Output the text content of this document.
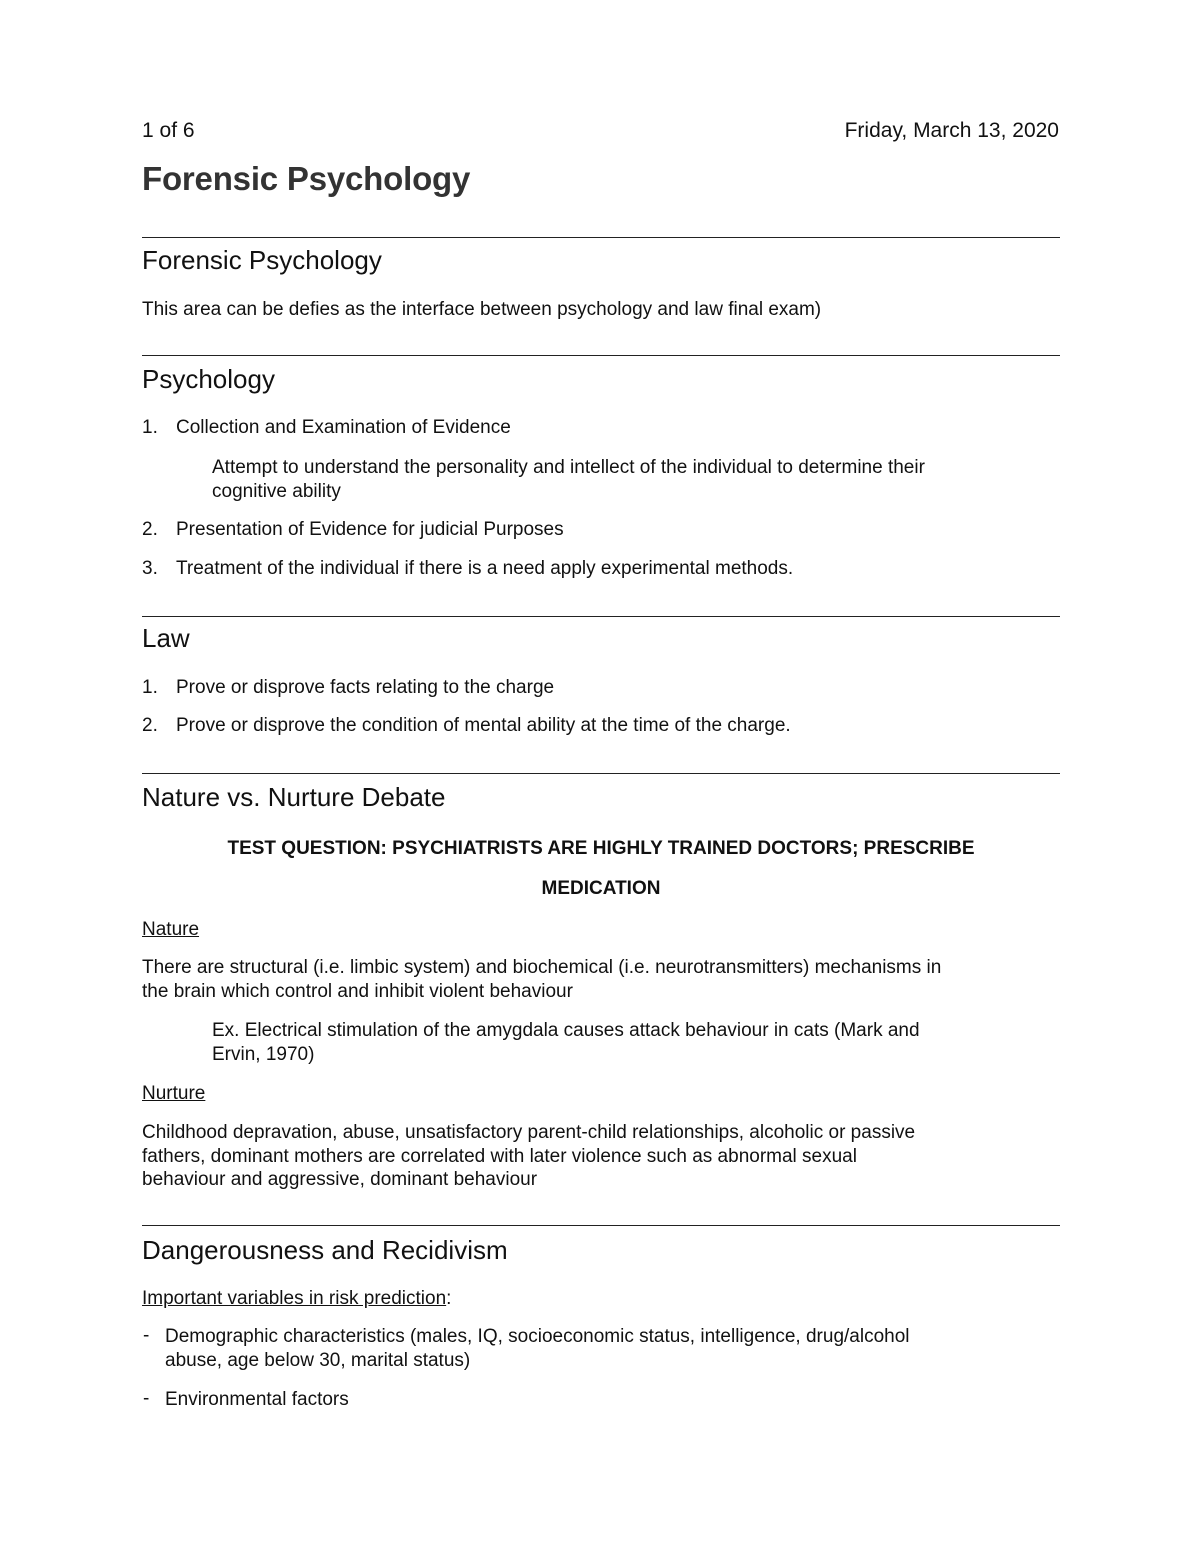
1 of 6	Friday, March 13, 2020
Forensic Psychology
Forensic Psychology
This area can be defies as the interface between psychology and law final exam)
Psychology
1. Collection and Examination of Evidence
Attempt to understand the personality and intellect of the individual to determine their
cognitive ability
2. Presentation of Evidence for judicial Purposes
3. Treatment of the individual if there is a need apply experimental methods.
Law
1. Prove or disprove facts relating to the charge
2. Prove or disprove the condition of mental ability at the time of the charge.
Nature vs. Nurture Debate
TEST QUESTION: PSYCHIATRISTS ARE HIGHLY TRAINED DOCTORS; PRESCRIBE
MEDICATION
Nature
There are structural (i.e. limbic system) and biochemical (i.e. neurotransmitters) mechanisms in
the brain which control and inhibit violent behaviour
Ex. Electrical stimulation of the amygdala causes attack behaviour in cats (Mark and
Ervin, 1970)
Nurture
Childhood depravation, abuse, unsatisfactory parent-child relationships, alcoholic or passive
fathers, dominant mothers are correlated with later violence such as abnormal sexual
behaviour and aggressive, dominant behaviour
Dangerousness and Recidivism
Important variables in risk prediction:
- Demographic characteristics (males, IQ, socioeconomic status, intelligence, drug/alcohol
abuse, age below 30, marital status)
- Environmental factors
